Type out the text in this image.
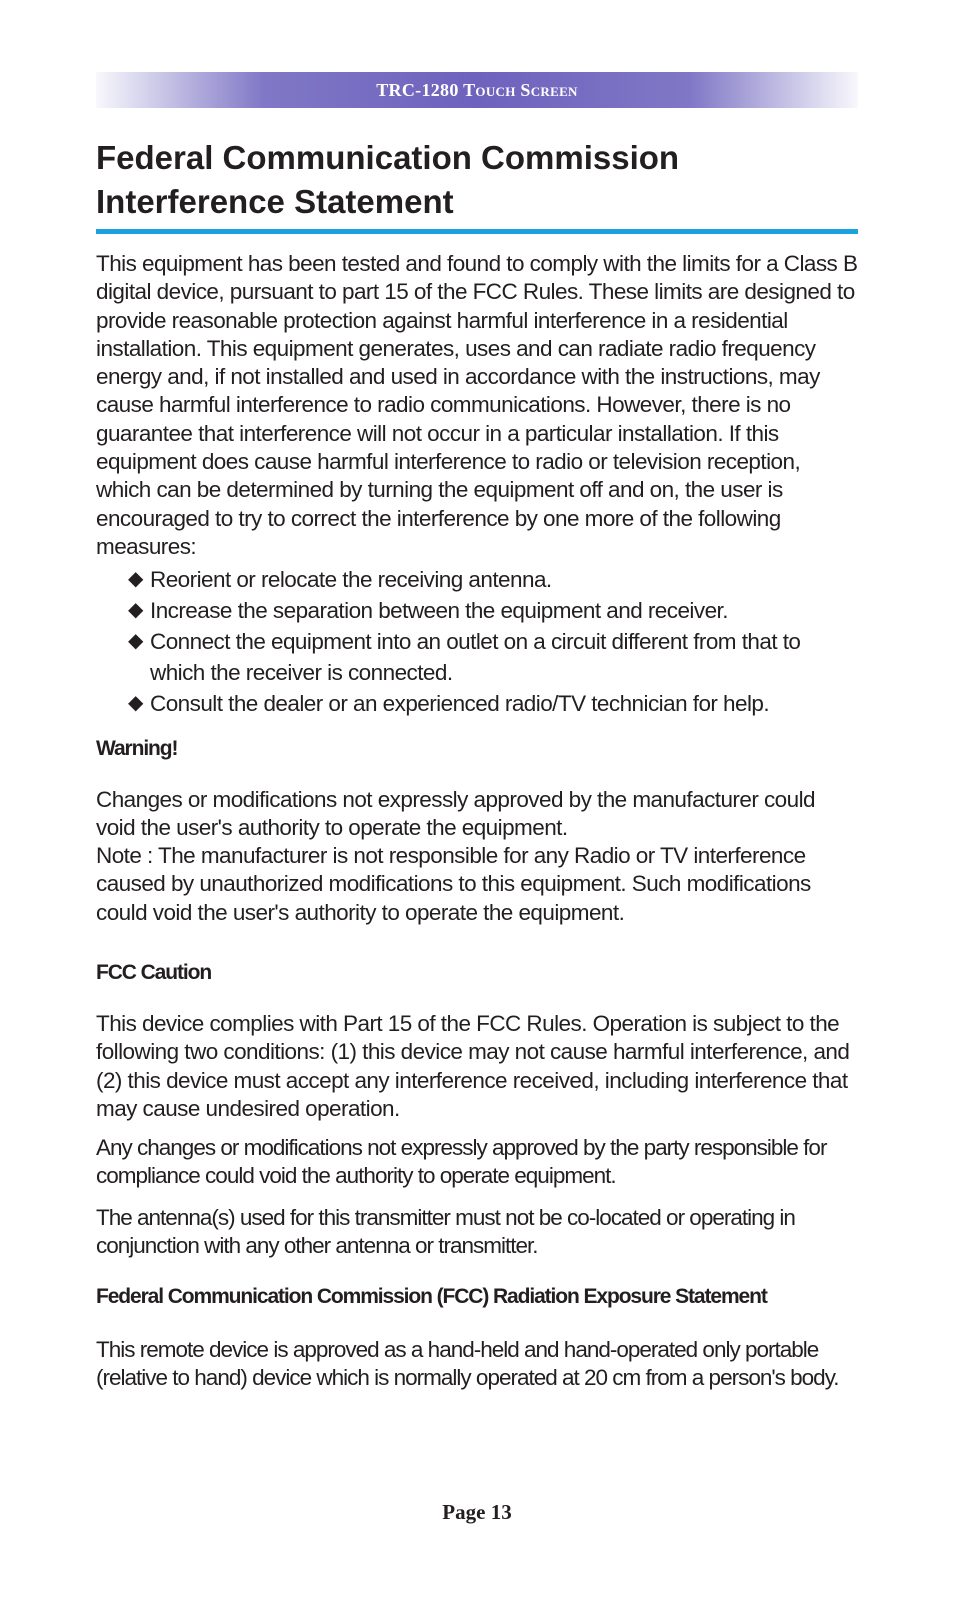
TRC-1280 Touch Screen
Federal Communication Commission
Interference Statement

This equipment has been tested and found to comply with the limits for a Class B digital device, pursuant to part 15 of the FCC Rules. These limits are designed to provide reasonable protection against harmful interference in a residential installation. This equipment generates, uses and can radiate radio frequency energy and, if not installed and used in accordance with the instructions, may cause harmful interference to radio communications. However, there is no guarantee that interference will not occur in a particular installation. If this equipment does cause harmful interference to radio or television reception, which can be determined by turning the equipment off and on, the user is encouraged to try to correct the interference by one more of the following measures:

◆ Reorient or relocate the receiving antenna.
◆ Increase the separation between the equipment and receiver.
◆ Connect the equipment into an outlet on a circuit different from that to which the receiver is connected.
◆ Consult the dealer or an experienced radio/TV technician for help.
Warning!

Changes or modifications not expressly approved by the manufacturer could void the user's authority to operate the equipment.

Note : The manufacturer is not responsible for any Radio or TV interference caused by unauthorized modifications to this equipment. Such modifications could void the user's authority to operate the equipment.

FCC Caution

This device complies with Part 15 of the FCC Rules. Operation is subject to the following two conditions: (1) this device may not cause harmful interference, and (2) this device must accept any interference received, including interference that may cause undesired operation.

Any changes or modifications not expressly approved by the party responsible for compliance could void the authority to operate equipment.

The antenna(s) used for this transmitter must not be co-located or operating in conjunction with any other antenna or transmitter.

Federal Communication Commission (FCC) Radiation Exposure Statement

This remote device is approved as a hand-held and hand-operated only portable (relative to hand) device which is normally operated at 20 cm from a person's body.

Page 13
